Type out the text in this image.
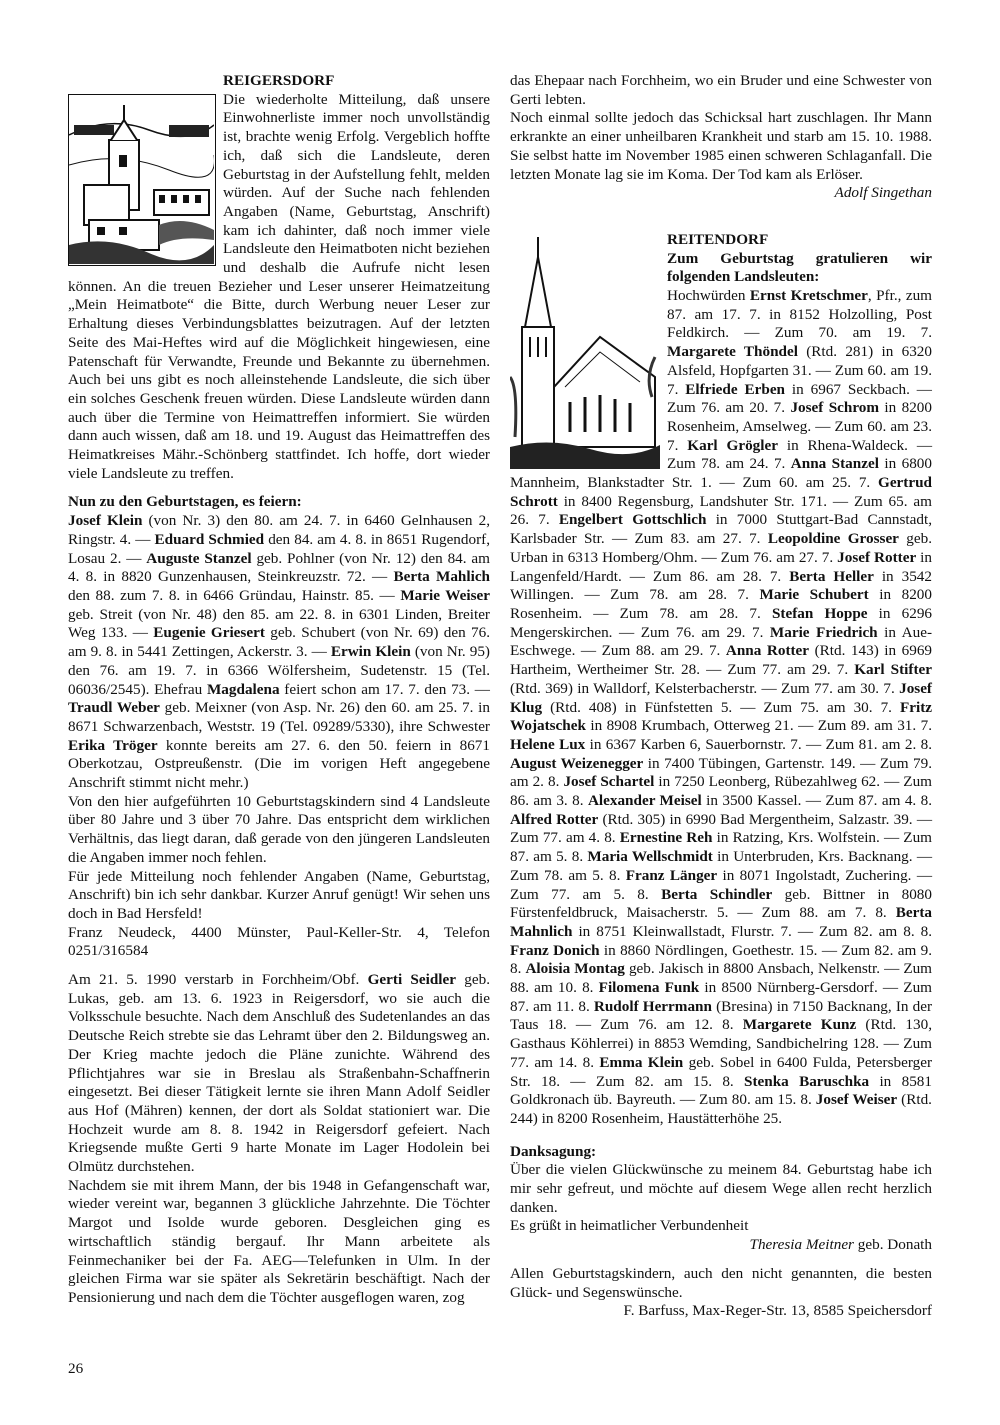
REIGERSDORF

Die wiederholte Mitteilung, daß unsere Einwohnerliste immer noch unvollständig ist, brachte wenig Erfolg. Vergeblich hoffte ich, daß sich die Landsleute, deren Geburtstag in der Aufstellung fehlt, melden würden. Auf der Suche nach fehlenden Angaben (Name, Geburtstag, Anschrift) kam ich dahinter, daß noch immer viele Landsleute den Heimatboten nicht beziehen und deshalb die Aufrufe nicht lesen können. An die treuen Bezieher und Leser unserer Heimatzeitung „Mein Heimatbote“ die Bitte, durch Werbung neuer Leser zur Erhaltung dieses Verbindungsblattes beizutragen. Auf der letzten Seite des Mai-Heftes wird auf die Möglichkeit hingewiesen, eine Patenschaft für Verwandte, Freunde und Bekannte zu übernehmen. Auch bei uns gibt es noch alleinstehende Landsleute, die sich über ein solches Geschenk freuen würden. Diese Landsleute würden dann auch über die Termine von Heimattreffen informiert. Sie würden dann auch wissen, daß am 18. und 19. August das Heimattreffen des Heimatkreises Mähr.-Schönberg stattfindet. Ich hoffe, dort wieder viele Landsleute zu treffen.

Nun zu den Geburtstagen, es feiern:

Josef Klein (von Nr. 3) den 80. am 24. 7. in 6460 Gelnhausen 2, Ringstr. 4. — Eduard Schmied den 84. am 4. 8. in 8651 Rugendorf, Losau 2. — Auguste Stanzel geb. Pohlner (von Nr. 12) den 84. am 4. 8. in 8820 Gunzenhausen, Steinkreuzstr. 72. — Berta Mahlich den 88. zum 7. 8. in 6466 Gründau, Hainstr. 85. — Marie Weiser geb. Streit (von Nr. 48) den 85. am 22. 8. in 6301 Linden, Breiter Weg 133. — Eugenie Griesert geb. Schubert (von Nr. 69) den 76. am 9. 8. in 5441 Zettingen, Ackerstr. 3. — Erwin Klein (von Nr. 95) den 76. am 19. 7. in 6366 Wölfersheim, Sudetenstr. 15 (Tel. 06036/2545). Ehefrau Magdalena feiert schon am 17. 7. den 73. — Traudl Weber geb. Meixner (von Asp. Nr. 26) den 60. am 25. 7. in 8671 Schwarzenbach, Weststr. 19 (Tel. 09289/5330), ihre Schwester Erika Tröger konnte bereits am 27. 6. den 50. feiern in 8671 Oberkotzau, Ostpreußenstr. (Die im vorigen Heft angegebene Anschrift stimmt nicht mehr.)

Von den hier aufgeführten 10 Geburtstagskindern sind 4 Landsleute über 80 Jahre und 3 über 70 Jahre. Das entspricht dem wirklichen Verhältnis, das liegt daran, daß gerade von den jüngeren Landsleuten die Angaben immer noch fehlen.

Für jede Mitteilung noch fehlender Angaben (Name, Geburtstag, Anschrift) bin ich sehr dankbar. Kurzer Anruf genügt! Wir sehen uns doch in Bad Hersfeld!

Franz Neudeck, 4400 Münster, Paul-Keller-Str. 4, Telefon 0251/316584

Am 21. 5. 1990 verstarb in Forchheim/Obf. Gerti Seidler geb. Lukas, geb. am 13. 6. 1923 in Reigersdorf, wo sie auch die Volksschule besuchte. Nach dem Anschluß des Sudetenlandes an das Deutsche Reich strebte sie das Lehramt über den 2. Bildungsweg an. Der Krieg machte jedoch die Pläne zunichte. Während des Pflichtjahres war sie in Breslau als Straßenbahn-Schaffnerin eingesetzt. Bei dieser Tätigkeit lernte sie ihren Mann Adolf Seidler aus Hof (Mähren) kennen, der dort als Soldat stationiert war. Die Hochzeit wurde am 8. 8. 1942 in Reigersdorf gefeiert. Nach Kriegsende mußte Gerti 9 harte Monate im Lager Hodolein bei Olmütz durchstehen.

Nachdem sie mit ihrem Mann, der bis 1948 in Gefangenschaft war, wieder vereint war, begannen 3 glückliche Jahrzehnte. Die Töchter Margot und Isolde wurde geboren. Desgleichen ging es wirtschaftlich ständig bergauf. Ihr Mann arbeitete als Feinmechaniker bei der Fa. AEG—Telefunken in Ulm. In der gleichen Firma war sie später als Sekretärin beschäftigt. Nach der Pensionierung und nach dem die Töchter ausgeflogen waren, zog

das Ehepaar nach Forchheim, wo ein Bruder und eine Schwester von Gerti lebten.

Noch einmal sollte jedoch das Schicksal hart zuschlagen. Ihr Mann erkrankte an einer unheilbaren Krankheit und starb am 15. 10. 1988. Sie selbst hatte im November 1985 einen schweren Schlaganfall. Die letzten Monate lag sie im Koma. Der Tod kam als Erlöser.

Adolf Singethan

REITENDORF

Zum Geburtstag gratulieren wir folgenden Landsleuten:

Hochwürden Ernst Kretschmer, Pfr., zum 87. am 17. 7. in 8152 Holzolling, Post Feldkirch. — Zum 70. am 19. 7. Margarete Thöndel (Rtd. 281) in 6320 Alsfeld, Hopfgarten 31. — Zum 60. am 19. 7. Elfriede Erben in 6967 Seckbach. — Zum 76. am 20. 7. Josef Schrom in 8200 Rosenheim, Amselweg. — Zum 60. am 23. 7. Karl Grögler in Rhena-Waldeck. — Zum 78. am 24. 7. Anna Stanzel in 6800 Mannheim, Blankstadter Str. 1. — Zum 60. am 25. 7. Gertrud Schrott in 8400 Regensburg, Landshuter Str. 171. — Zum 65. am 26. 7. Engelbert Gottschlich in 7000 Stuttgart-Bad Cannstadt, Karlsbader Str. — Zum 83. am 27. 7. Leopoldine Grosser geb. Urban in 6313 Homberg/Ohm. — Zum 76. am 27. 7. Josef Rotter in Langenfeld/Hardt. — Zum 86. am 28. 7. Berta Heller in 3542 Willingen. — Zum 78. am 28. 7. Marie Schubert in 8200 Rosenheim. — Zum 78. am 28. 7. Stefan Hoppe in 6296 Mengerskirchen. — Zum 76. am 29. 7. Marie Friedrich in Aue-Eschwege. — Zum 88. am 29. 7. Anna Rotter (Rtd. 143) in 6969 Hartheim, Wertheimer Str. 28. — Zum 77. am 29. 7. Karl Stifter (Rtd. 369) in Walldorf, Kelsterbacherstr. — Zum 77. am 30. 7. Josef Klug (Rtd. 408) in Fünfstetten 5. — Zum 75. am 30. 7. Fritz Wojatschek in 8908 Krumbach, Otterweg 21. — Zum 89. am 31. 7. Helene Lux in 6367 Karben 6, Sauerbornstr. 7. — Zum 81. am 2. 8. August Weizenegger in 7400 Tübingen, Gartenstr. 149. — Zum 79. am 2. 8. Josef Schartel in 7250 Leonberg, Rübezahlweg 62. — Zum 86. am 3. 8. Alexander Meisel in 3500 Kassel. — Zum 87. am 4. 8. Alfred Rotter (Rtd. 305) in 6990 Bad Mergentheim, Salzastr. 39. — Zum 77. am 4. 8. Ernestine Reh in Ratzing, Krs. Wolfstein. — Zum 87. am 5. 8. Maria Wellschmidt in Unterbruden, Krs. Backnang. — Zum 78. am 5. 8. Franz Länger in 8071 Ingolstadt, Zuchering. — Zum 77. am 5. 8. Berta Schindler geb. Bittner in 8080 Fürstenfeldbruck, Maisacherstr. 5. — Zum 88. am 7. 8. Berta Mahnlich in 8751 Kleinwallstadt, Flurstr. 7. — Zum 82. am 8. 8. Franz Donich in 8860 Nördlingen, Goethestr. 15. — Zum 82. am 9. 8. Aloisia Montag geb. Jakisch in 8800 Ansbach, Nelkenstr. — Zum 88. am 10. 8. Filomena Funk in 8500 Nürnberg-Gersdorf. — Zum 87. am 11. 8. Rudolf Herrmann (Bresina) in 7150 Backnang, In der Taus 18. — Zum 76. am 12. 8. Margarete Kunz (Rtd. 130, Gasthaus Köhlerrei) in 8853 Wemding, Sandbichelring 128. — Zum 77. am 14. 8. Emma Klein geb. Sobel in 6400 Fulda, Petersberger Str. 18. — Zum 82. am 15. 8. Stenka Baruschka in 8581 Goldkronach üb. Bayreuth. — Zum 80. am 15. 8. Josef Weiser (Rtd. 244) in 8200 Rosenheim, Haustätterhöhe 25.

Danksagung:

Über die vielen Glückwünsche zu meinem 84. Geburtstag habe ich mir sehr gefreut, und möchte auf diesem Wege allen recht herzlich danken.

Es grüßt in heimatlicher Verbundenheit

Theresia Meitner geb. Donath

Allen Geburtstagskindern, auch den nicht genannten, die besten Glück- und Segenswünsche.

F. Barfuss, Max-Reger-Str. 13, 8585 Speichersdorf

26
